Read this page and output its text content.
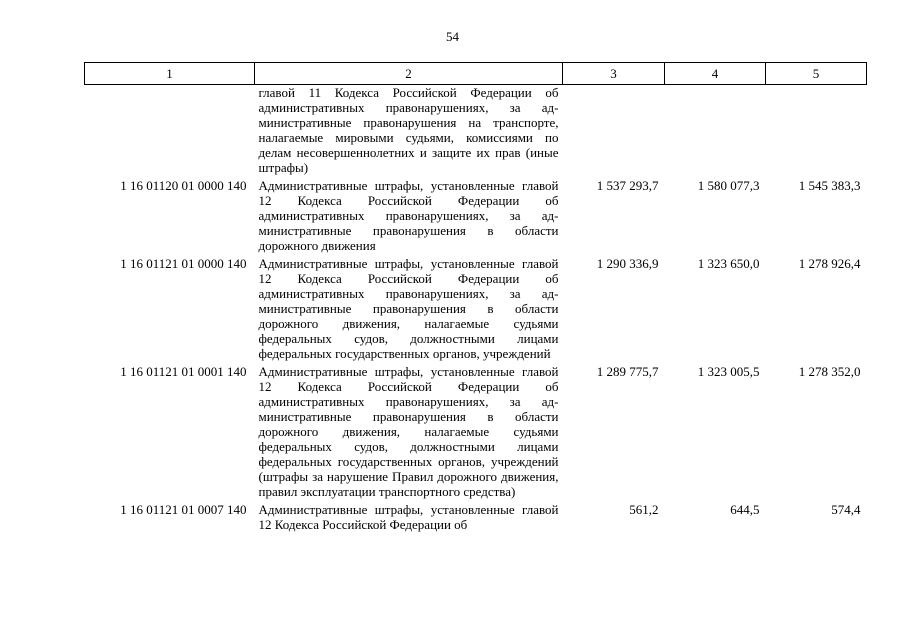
54
1	2	3	4	5
	главой 11 Кодекса Российской Федерации об административных правонарушениях, за административные правонарушения на транспорте, налагаемые мировыми судьями, комиссиями по делам несовершеннолетних и защите их прав (иные штрафы)			
1 16 01120 01 0000 140	Административные штрафы, установленные главой 12 Кодекса Российской Федерации об административных правонарушениях, за административные правонарушения в области дорожного движения	1 537 293,7	1 580 077,3	1 545 383,3
1 16 01121 01 0000 140	Административные штрафы, установленные главой 12 Кодекса Российской Федерации об административных правонарушениях, за административные правонарушения в области дорожного движения, налагаемые судьями федеральных судов, должностными лицами федеральных государственных органов, учреждений	1 290 336,9	1 323 650,0	1 278 926,4
1 16 01121 01 0001 140	Административные штрафы, установленные главой 12 Кодекса Российской Федерации об административных правонарушениях, за административные правонарушения в области дорожного движения, налагаемые судьями федеральных судов, должностными лицами федеральных государственных органов, учреждений (штрафы за нарушение Правил дорожного движения, правил эксплуатации транспортного средства)	1 289 775,7	1 323 005,5	1 278 352,0
1 16 01121 01 0007 140	Административные штрафы, установленные главой 12 Кодекса Российской Федерации об	561,2	644,5	574,4
